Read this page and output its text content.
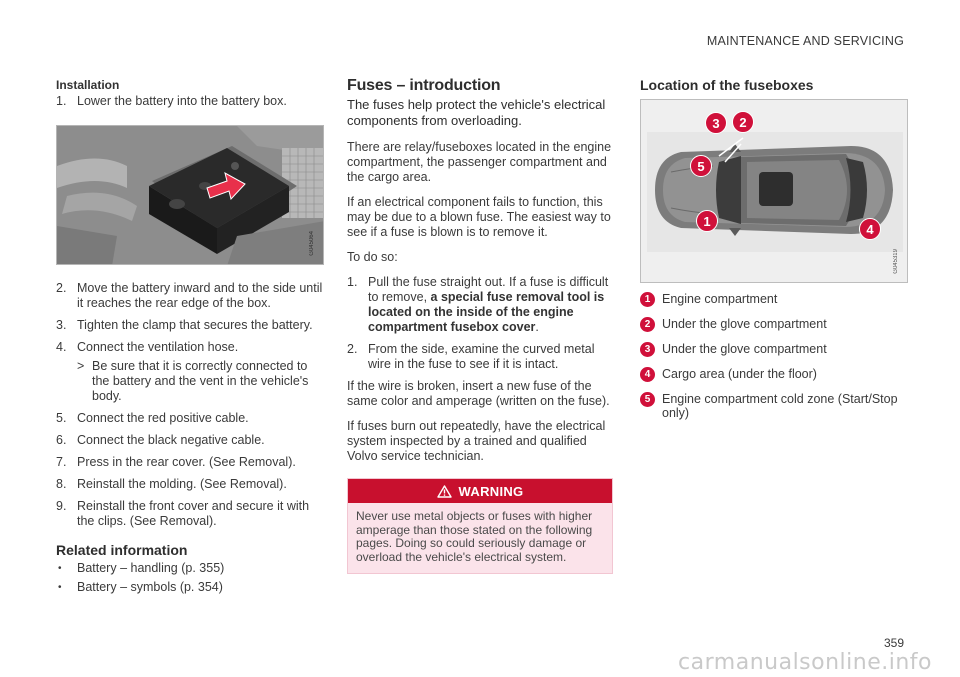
MAINTENANCE AND SERVICING
Installation
1. Lower the battery into the battery box.
G045064
2. Move the battery inward and to the side until it reaches the rear edge of the box.
3. Tighten the clamp that secures the battery.
4. Connect the ventilation hose.
> Be sure that it is correctly connected to the battery and the vent in the vehicle's body.
5. Connect the red positive cable.
6. Connect the black negative cable.
7. Press in the rear cover. (See Removal).
8. Reinstall the molding. (See Removal).
9. Reinstall the front cover and secure it with the clips. (See Removal).
Related information
• Battery – handling (p. 355)
• Battery – symbols (p. 354)
Fuses – introduction
The fuses help protect the vehicle's electrical components from overloading.
There are relay/fuseboxes located in the engine compartment, the passenger compartment and the cargo area.
If an electrical component fails to function, this may be due to a blown fuse. The easiest way to see if a fuse is blown is to remove it.
To do so:
1. Pull the fuse straight out. If a fuse is difficult to remove, a special fuse removal tool is located on the inside of the engine compartment fusebox cover.
2. From the side, examine the curved metal wire in the fuse to see if it is intact.
If the wire is broken, insert a new fuse of the same color and amperage (written on the fuse).
If fuses burn out repeatedly, have the electrical system inspected by a trained and qualified Volvo service technician.
WARNING
Never use metal objects or fuses with higher amperage than those stated on the following pages. Doing so could seriously damage or overload the vehicle's electrical system.
Location of the fuseboxes
3	2
5
1
4
G045319
1 Engine compartment
2 Under the glove compartment
3 Under the glove compartment
4 Cargo area (under the floor)
5 Engine compartment cold zone (Start/Stop only)
359
carmanualsonline.info
